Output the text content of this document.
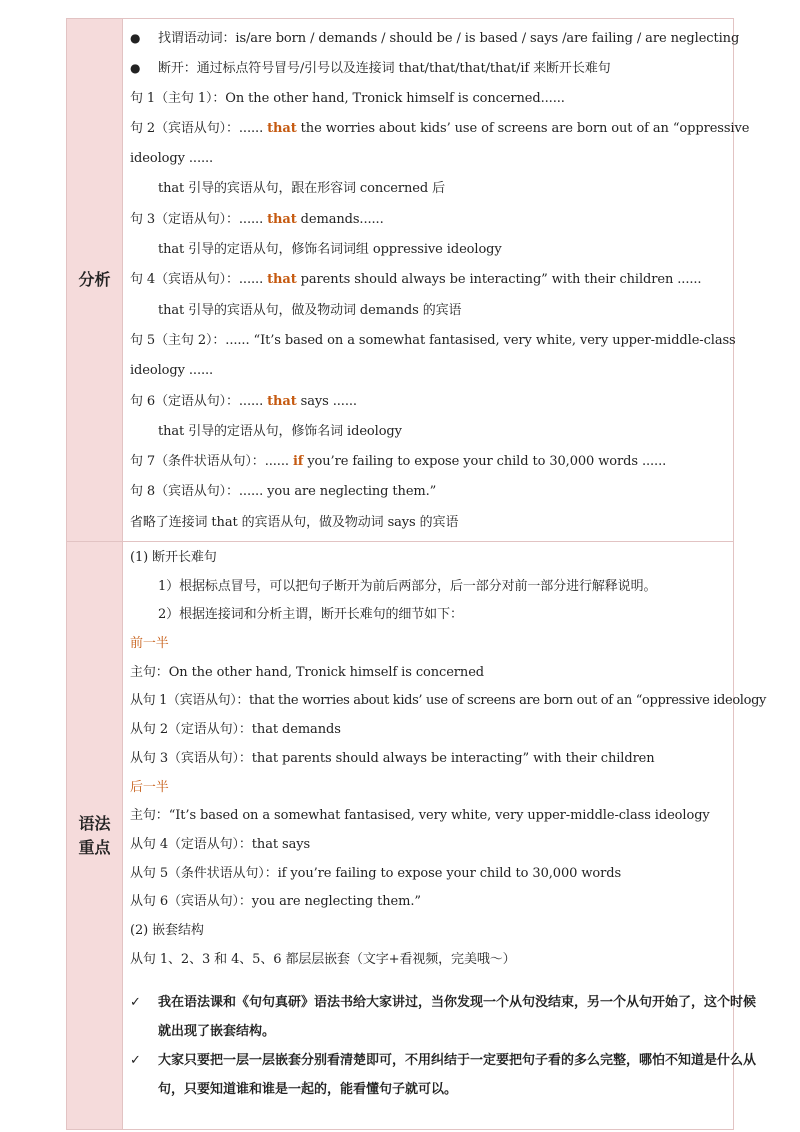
分析
● 找谓语动词：is/are born / demands / should be / is based / says /are failing / are neglecting
● 断开：通过标点符号冒号/引号以及连接词 that/that/that/that/if 来断开长难句
句 1（主句 1）：On the other hand, Tronick himself is concerned......
句 2（宾语从句）：...... that the worries about kids’ use of screens are born out of an “oppressive
ideology ......
that 引导的宾语从句，跟在形容词 concerned 后
句 3（定语从句）：...... that demands......
that 引导的定语从句，修饰名词词组 oppressive ideology
句 4（宾语从句）：...... that parents should always be interacting” with their children ......
that 引导的宾语从句，做及物动词 demands 的宾语
句 5（主句 2）：...... “It’s based on a somewhat fantasised, very white, very upper-middle-class
ideology ......
句 6（定语从句）：...... that says ......
that 引导的定语从句，修饰名词 ideology
句 7（条件状语从句）：...... if you’re failing to expose your child to 30,000 words ......
句 8（宾语从句）：...... you are neglecting them.”
省略了连接词 that 的宾语从句，做及物动词 says 的宾语
语法重点
(1) 断开长难句
1）根据标点冒号，可以把句子断开为前后两部分，后一部分对前一部分进行解释说明。
2）根据连接词和分析主谓，断开长难句的细节如下：
前一半
主句：On the other hand, Tronick himself is concerned
从句 1（宾语从句）：that the worries about kids’ use of screens are born out of an “oppressive ideology
从句 2（定语从句）：that demands
从句 3（宾语从句）：that parents should always be interacting” with their children
后一半
主句：“It’s based on a somewhat fantasised, very white, very upper-middle-class ideology
从句 4（定语从句）：that says
从句 5（条件状语从句）：if you’re failing to expose your child to 30,000 words
从句 6（宾语从句）：you are neglecting them.”
(2) 嵌套结构
从句 1、2、3 和 4、5、6 都层层嵌套（文字+看视频，完美哦～）
✓	我在语法课和《句句真研》语法书给大家讲过，当你发现一个从句没结束，另一个从句开始了，这个时候就出现了嵌套结构。
✓	大家只要把一层一层嵌套分别看清楚即可，不用纠结于一定要把句子看的多么完整，哪怕不知道是什么从句，只要知道谁和谁是一起的，能看懂句子就可以。
